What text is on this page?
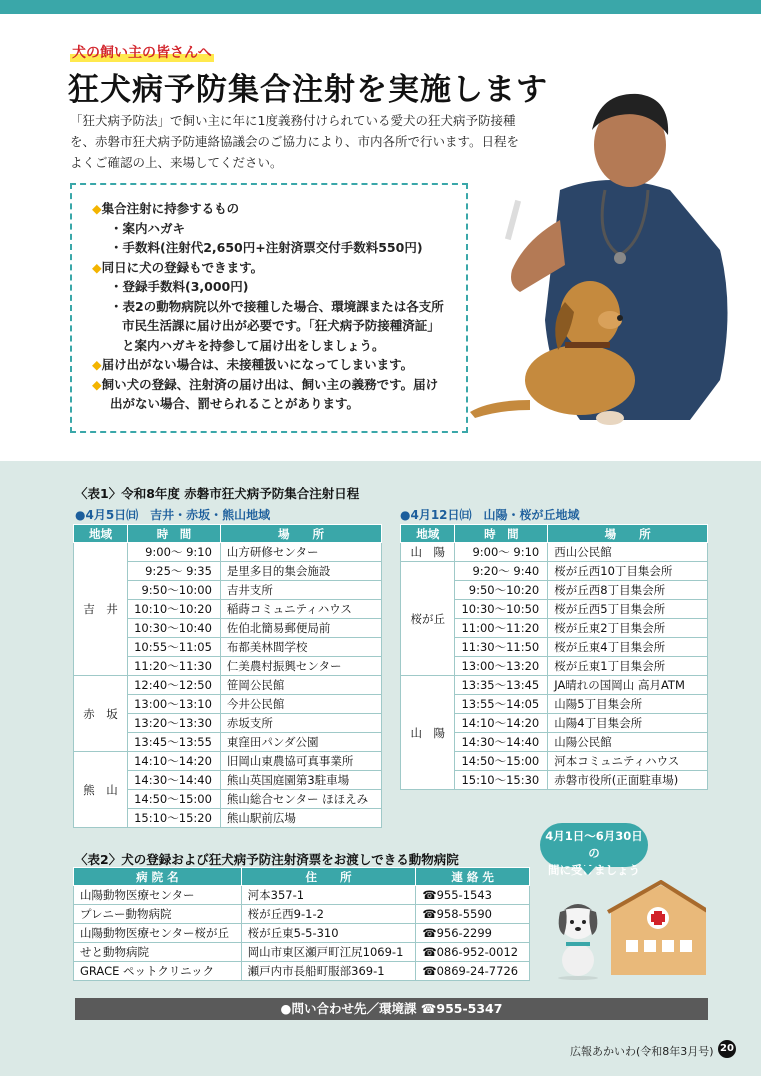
犬の飼い主の皆さんへ
狂犬病予防集合注射を実施します
「狂犬病予防法」で飼い主に年に1度義務付けられている愛犬の狂犬病予防接種を、赤磐市狂犬病予防連絡協議会のご協力により、市内各所で行います。日程をよくご確認の上、来場してください。
◆集合注射に持参するもの
・案内ハガキ
・手数料(注射代2,650円+注射済票交付手数料550円)
◆同日に犬の登録もできます。
・登録手数料(3,000円)
・表2の動物病院以外で接種した場合、環境課または各支所
市民生活課に届け出が必要です。「狂犬病予防接種済証」
と案内ハガキを持参して届け出をしましょう。
◆届け出がない場合は、未接種扱いになってしまいます。
◆飼い犬の登録、注射済の届け出は、飼い主の義務です。届け
出がない場合、罰せられることがあります。
〈表1〉令和8年度 赤磐市狂犬病予防集合注射日程
●4月5日㈰　吉井・赤坂・熊山地域	●4月12日㈰　山陽・桜が丘地域
地域	時　間	場　　所
吉　井	9:00～ 9:10	山方研修センター
	9:25～ 9:35	是里多目的集会施設
	9:50～10:00	吉井支所
	10:10～10:20	稲蒔コミュニティハウス
	10:30～10:40	佐伯北簡易郵便局前
	10:55～11:05	布都美林間学校
	11:20～11:30	仁美農村振興センター
赤　坂	12:40～12:50	笹岡公民館
	13:00～13:10	今井公民館
	13:20～13:30	赤坂支所
	13:45～13:55	東窪田パンダ公園
熊　山	14:10～14:20	旧岡山東農協可真事業所
	14:30～14:40	熊山英国庭園第3駐車場
	14:50～15:00	熊山総合センター ほほえみ
	15:10～15:20	熊山駅前広場
地域	時　間	場　　所
山　陽	9:00～ 9:10	西山公民館
桜が丘	9:20～ 9:40	桜が丘西10丁目集会所
	9:50～10:20	桜が丘西8丁目集会所
	10:30～10:50	桜が丘西5丁目集会所
	11:00～11:20	桜が丘東2丁目集会所
	11:30～11:50	桜が丘東4丁目集会所
	13:00～13:20	桜が丘東1丁目集会所
山　陽	13:35～13:45	JA晴れの国岡山 高月ATM
	13:55～14:05	山陽5丁目集会所
	14:10～14:20	山陽4丁目集会所
	14:30～14:40	山陽公民館
	14:50～15:00	河本コミュニティハウス
	15:10～15:30	赤磐市役所(正面駐車場)
〈表2〉犬の登録および狂犬病予防注射済票をお渡しできる動物病院
病 院 名	住　　所	連 絡 先
山陽動物医療センター	河本357-1	☎955-1543
プレニー動物病院	桜が丘西9-1-2	☎958-5590
山陽動物医療センター桜が丘	桜が丘東5-5-310	☎956-2299
せと動物病院	岡山市東区瀬戸町江尻1069-1	☎086-952-0012
GRACE ペットクリニック	瀬戸内市長船町服部369-1	☎0869-24-7726
4月1日～6月30日の
間に受けましょう
●問い合わせ先／環境課 ☎955-5347
広報あかいわ(令和8年3月号) 20
